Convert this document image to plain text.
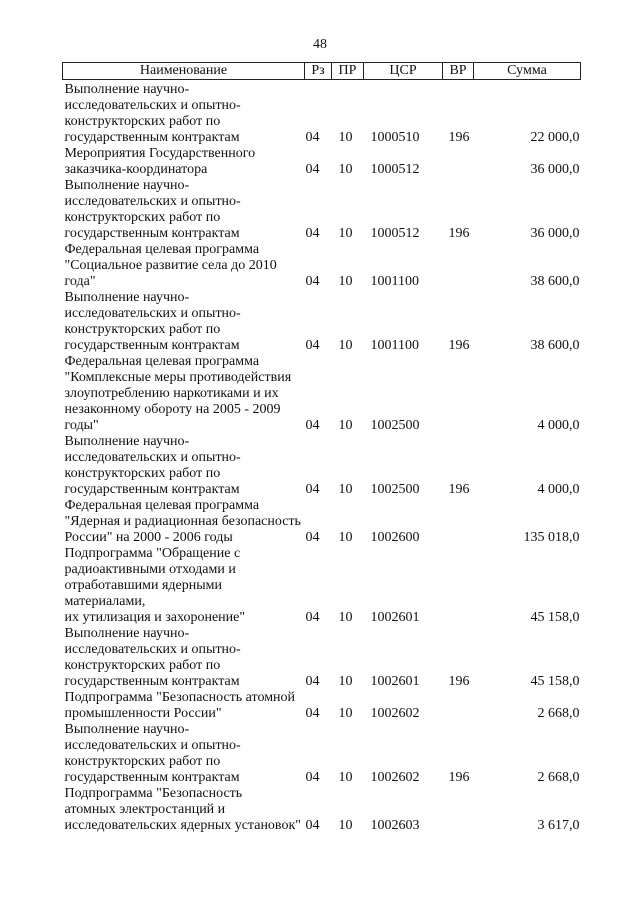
48
Наименование	Рз	ПР	ЦСР	ВР	Сумма

Выполнение научно-
исследовательских и опытно-
конструкторских работ по
государственным контрактам	04	10	1000510	196	22 000,0
Мероприятия Государственного
заказчика-координатора	04	10	1000512		36 000,0
Выполнение научно-
исследовательских и опытно-
конструкторских работ по
государственным контрактам	04	10	1000512	196	36 000,0
Федеральная целевая программа
"Социальное развитие села до 2010
года"	04	10	1001100		38 600,0
Выполнение научно-
исследовательских и опытно-
конструкторских работ по
государственным контрактам	04	10	1001100	196	38 600,0
Федеральная целевая программа
"Комплексные меры противодействия
злоупотреблению наркотиками и их
незаконному обороту на 2005 - 2009
годы"	04	10	1002500		4 000,0
Выполнение научно-
исследовательских и опытно-
конструкторских работ по
государственным контрактам	04	10	1002500	196	4 000,0
Федеральная целевая программа
"Ядерная и радиационная безопасность
России" на 2000 - 2006 годы	04	10	1002600		135 018,0
Подпрограмма "Обращение с
радиоактивными отходами и
отработавшими ядерными материалами,
их утилизация и захоронение"	04	10	1002601		45 158,0
Выполнение научно-
исследовательских и опытно-
конструкторских работ по
государственным контрактам	04	10	1002601	196	45 158,0
Подпрограмма "Безопасность атомной
промышленности России"	04	10	1002602		2 668,0
Выполнение научно-
исследовательских и опытно-
конструкторских работ по
государственным контрактам	04	10	1002602	196	2 668,0
Подпрограмма "Безопасность
атомных электростанций и
исследовательских ядерных установок"	04	10	1002603		3 617,0
